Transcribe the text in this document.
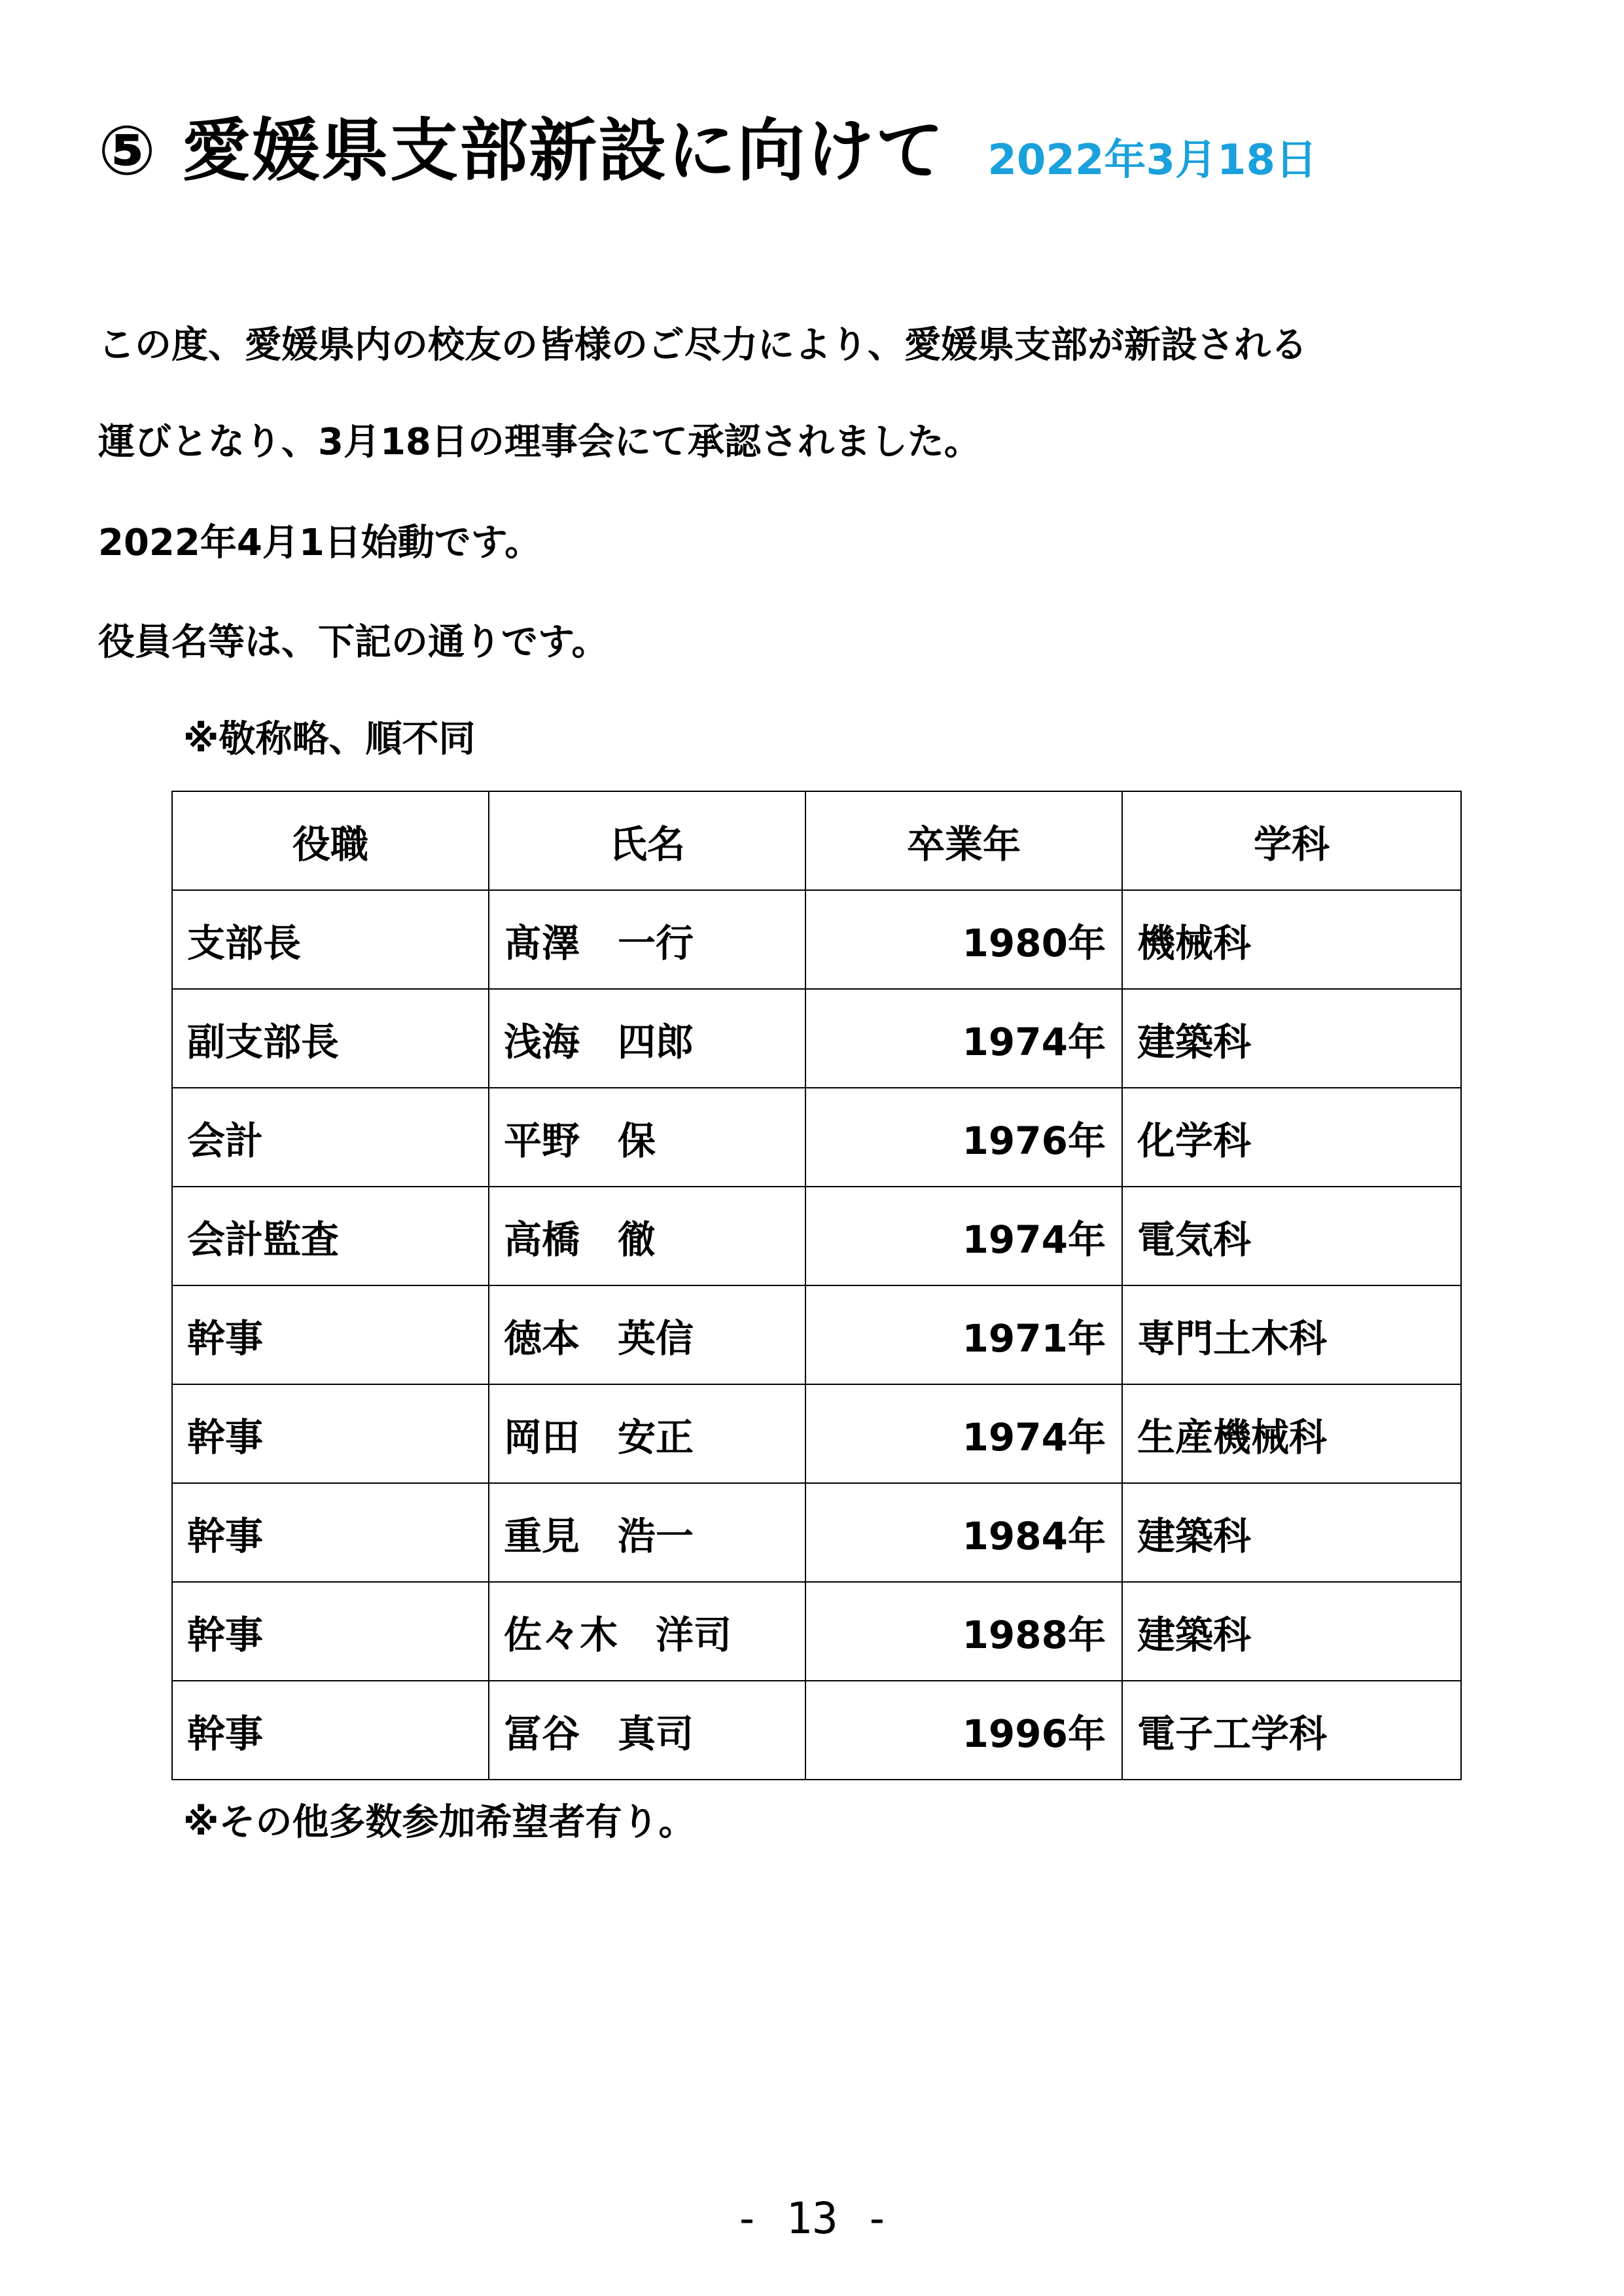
⑤ 愛媛県支部新設に向けて 2022年3月18日
この度、愛媛県内の校友の皆様のご尽力により、愛媛県支部が新設される
運びとなり、3月18日の理事会にて承認されました。
2022年4月1日始動です。
役員名等は、下記の通りです。
※敬称略、順不同
役職	氏名	卒業年	学科
支部長	髙澤　一行	1980年	機械科
副支部長	浅海　四郎	1974年	建築科
会計	平野　保	1976年	化学科
会計監査	高橋　徹	1974年	電気科
幹事	徳本　英信	1971年	専門土木科
幹事	岡田　安正	1974年	生産機械科
幹事	重見　浩一	1984年	建築科
幹事	佐々木　洋司	1988年	建築科
幹事	冨谷　真司	1996年	電子工学科
※その他多数参加希望者有り。
- 13 -
